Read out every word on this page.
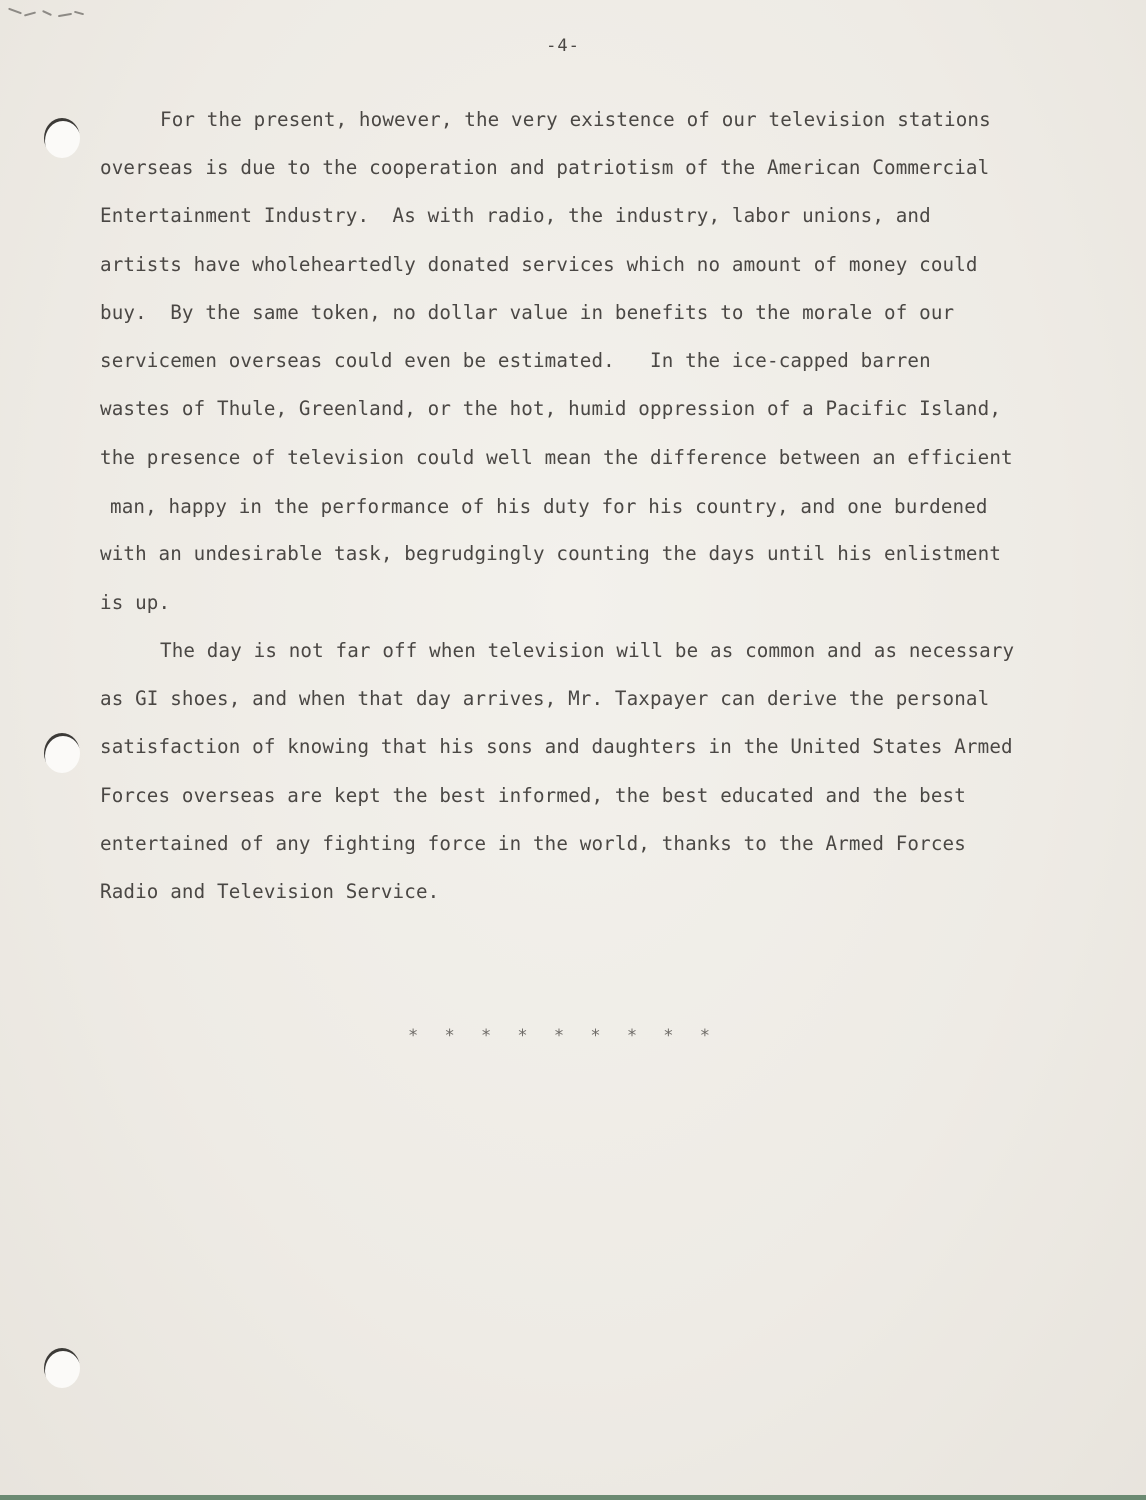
-4-
For the present, however, the very existence of our television stations
overseas is due to the cooperation and patriotism of the American Commercial
Entertainment Industry.  As with radio, the industry, labor unions, and
artists have wholeheartedly donated services which no amount of money could
buy.  By the same token, no dollar value in benefits to the morale of our
servicemen overseas could even be estimated.   In the ice-capped barren
wastes of Thule, Greenland, or the hot, humid oppression of a Pacific Island,
the presence of television could well mean the difference between an efficient
man, happy in the performance of his duty for his country, and one burdened
with an undesirable task, begrudgingly counting the days until his enlistment
is up.
The day is not far off when television will be as common and as necessary
as GI shoes, and when that day arrives, Mr. Taxpayer can derive the personal
satisfaction of knowing that his sons and daughters in the United States Armed
Forces overseas are kept the best informed, the best educated and the best
entertained of any fighting force in the world, thanks to the Armed Forces
Radio and Television Service.
* * * * * * * * *
